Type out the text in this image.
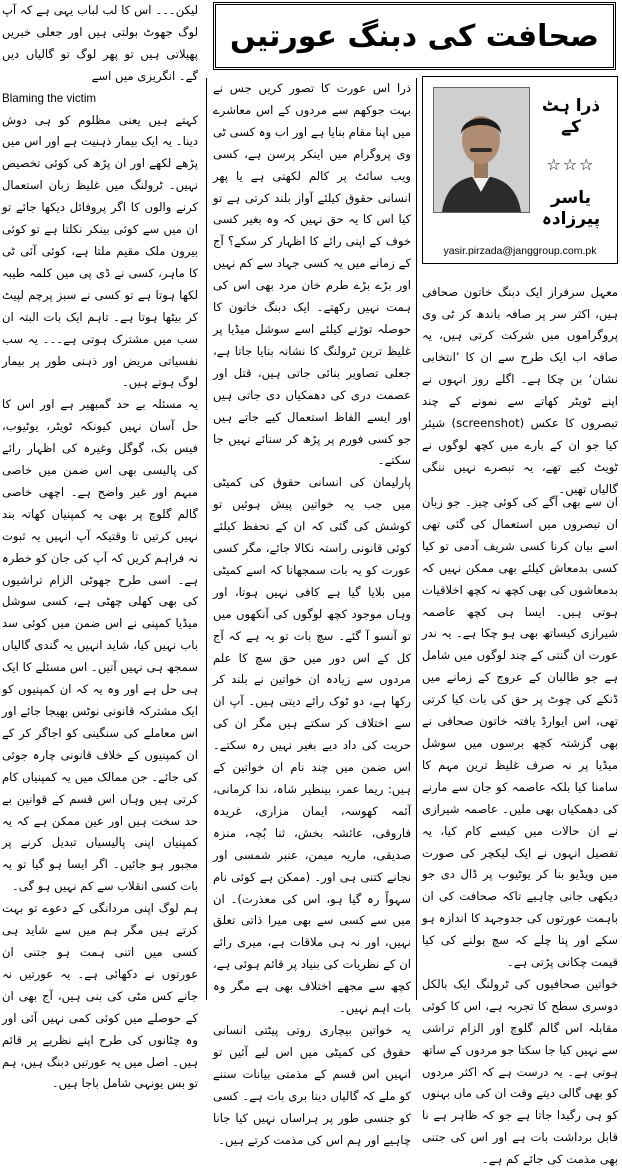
صحافت کی دبنگ عورتیں
ذرا ہٹ کے
☆☆☆
یاسر پیرزادہ
yasir.pirzada@janggroup.com.pk

معہل سرفراز ایک دبنگ خاتون صحافی ہیں، اکثر سر پر صافہ باندھ کر ٹی وی پروگراموں میں شرکت کرتی ہیں، یہ صافہ اب ایک طرح سے ان کا ’انتخابی نشان‘ بن چکا ہے۔ اگلے روز انہوں نے اپنے ٹویٹر کھاتے سے نمونے کے چند تبصروں کا عکس (screenshot) شیئر کیا جو ان کے بارے میں کچھ لوگوں نے ٹویٹ کیے تھے، یہ تبصرے نہیں ننگی گالیاں تھیں۔

ان سے بھی آگے کی کوئی چیز۔ جو زبان ان تبصروں میں استعمال کی گئی تھی اسے بیان کرنا کسی شریف آدمی تو کیا کسی بدمعاش کیلئے بھی ممکن نہیں کہ بدمعاشوں کی بھی کچھ نہ کچھ اخلاقیات ہوتی ہیں۔ ایسا ہی کچھ عاصمہ شیرازی کیساتھ بھی ہو چکا ہے۔ یہ ندر عورت ان گنتی کے چند لوگوں میں شامل ہے جو طالبان کے عروج کے زمانے میں ڈنکے کی چوٹ پر حق کی بات کیا کرتی تھی، اس ایوارڈ یافتہ خاتون صحافی نے بھی گزشتہ کچھ برسوں میں سوشل میڈیا پر نہ صرف غلیظ ترین مہم کا سامنا کیا بلکہ عاصمہ کو جان سے مارنے کی دھمکیاں بھی ملیں۔ عاصمہ شیرازی نے ان حالات میں کیسے کام کیا، یہ تفصیل انہوں نے ایک لیکچر کی صورت میں ویڈیو بنا کر یوٹیوب پر ڈال دی جو دیکھی جانی چاہیے تاکہ صحافت کی ان باہمت عورتوں کی جدوجہد کا اندازہ ہو سکے اور پتا چلے کہ سچ بولنے کی کیا قیمت چکانی پڑتی ہے۔

خواتین صحافیوں کی ٹرولنگ ایک بالکل دوسری سطح کا تجربہ ہے، اس کا کوئی مقابلہ اس گالم گلوچ اور الزام تراشی سے نہیں کیا جا سکتا جو مردوں کے ساتھ ہوتی ہے۔ یہ درست ہے کہ اکثر مردوں کو بھی گالی دیتے وقت ان کی ماں بہنوں کو ہی رگیدا جاتا ہے جو کہ ظاہر ہے نا قابل برداشت بات ہے اور اس کی جتنی بھی مذمت کی جائے کم ہے۔

ذرا اس عورت کا تصور کریں جس نے بہت جوکھم سے مردوں کے اس معاشرے میں اپنا مقام بنایا ہے اور اب وہ کسی ٹی وی پروگرام میں اینکر پرسن ہے، کسی ویب سائٹ پر کالم لکھتی ہے یا پھر انسانی حقوق کیلئے آواز بلند کرتی ہے تو کیا اس کا یہ حق نہیں کہ وہ بغیر کسی خوف کے اپنی رائے کا اظہار کر سکے؟ آج کے زمانے میں یہ کسی جہاد سے کم نہیں اور بڑے بڑے طرم خان مرد بھی اس کی ہمت نہیں رکھتے۔ ایک دبنگ خاتون کا حوصلہ توڑنے کیلئے اسے سوشل میڈیا پر غلیظ ترین ٹرولنگ کا نشانہ بنایا جاتا ہے، جعلی تصاویر بنائی جاتی ہیں، قتل اور عصمت دری کی دھمکیاں دی جاتی ہیں اور ایسے الفاظ استعمال کیے جاتے ہیں جو کسی فورم پر پڑھ کر سنائے نہیں جا سکتے۔

پارلیمان کی انسانی حقوق کی کمیٹی میں جب یہ خواتین پیش ہوئیں تو کوشش کی گئی کہ ان کے تحفظ کیلئے کوئی قانونی راستہ نکالا جائے، مگر کسی عورت کو یہ بات سمجھانا کہ اسے کمیٹی میں بلایا گیا ہے کافی نہیں ہوتا، اور وہاں موجود کچھ لوگوں کی آنکھوں میں تو آنسو آ گئے۔ سچ بات تو یہ ہے کہ آج کل کے اس دور میں حق سچ کا علم مردوں سے زیادہ ان خواتین نے بلند کر رکھا ہے، دو ٹوک رائے دیتی ہیں۔ آپ ان سے اختلاف کر سکتے ہیں مگر ان کی حریت کی داد دیے بغیر نہیں رہ سکتے۔ اس ضمن میں چند نام ان خواتین کے ہیں: ریما عمر، بینظیر شاہ، ندا کرمانی، آئمہ کھوسہ، ایمان مزاری، غریدہ فاروقی، عائشہ بخش، ثنا بُچہ، منزہ صدیقی، ماریہ میمن، عنبر شمسی اور نجانے کتنی ہی اور۔ (ممکن ہے کوئی نام سہواً رہ گیا ہو، اس کی معذرت)۔ ان میں سے کسی سے بھی میرا ذاتی تعلق نہیں، اور نہ ہی ملاقات ہے، میری رائے ان کے نظریات کی بنیاد پر قائم ہوئی ہے، کچھ سے مجھے اختلاف بھی ہے مگر وہ بات اہم نہیں۔

یہ خواتین بیچاری روتی پیٹتی انسانی حقوق کی کمیٹی میں اس لیے آئیں تو انہیں اس قسم کے مذمتی بیانات سننے کو ملے کہ گالیاں دینا بری بات ہے۔ کسی کو جنسی طور پر ہراساں نہیں کیا جانا چاہیے اور ہم اس کی مذمت کرتے ہیں۔

لیکن۔۔۔ اس کا لب لباب یہی ہے کہ آپ لوگ جھوٹ بولتی ہیں اور جعلی خبریں پھیلاتی ہیں تو پھر لوگ تو گالیاں دیں گے۔ انگریزی میں اسے

Blaming the victim

کہتے ہیں یعنی مظلوم کو ہی دوش دینا۔ یہ ایک بیمار ذہنیت ہے اور اس میں پڑھے لکھے اور ان پڑھ کی کوئی تخصیص نہیں۔ ٹرولنگ میں غلیظ زبان استعمال کرنے والوں کا اگر پروفائل دیکھا جائے تو ان میں سے کوئی بینکر نکلتا ہے تو کوئی بیرون ملک مقیم ملتا ہے، کوئی آئی ٹی کا ماہر، کسی نے ڈی پی میں کلمہ طیبہ لکھا ہوتا ہے تو کسی نے سبز پرچم لپیٹ کر بیٹھا ہوتا ہے۔ تاہم ایک بات البتہ ان سب میں مشترک ہوتی ہے۔۔۔ یہ سب نفسیاتی مریض اور ذہنی طور پر بیمار لوگ ہوتے ہیں۔

یہ مسئلہ بے حد گمبھیر ہے اور اس کا حل آسان نہیں کیونکہ ٹویٹر، یوٹیوب، فیس بک، گوگل وغیرہ کی اظہار رائے کی پالیسی بھی اس ضمن میں خاصی مبہم اور غیر واضح ہے۔ اچھی خاصی گالم گلوچ پر بھی یہ کمپنیاں کھاتہ بند نہیں کرتیں تا وقتیکہ آپ انہیں یہ ثبوت نہ فراہم کریں کہ آپ کی جان کو خطرہ ہے۔ اسی طرح جھوٹی الزام تراشیوں کی بھی کھلی چھٹی ہے، کسی سوشل میڈیا کمپنی نے اس ضمن میں کوئی سد باب نہیں کیا، شاید انہیں یہ گندی گالیاں سمجھ ہی نہیں آتیں۔ اس مسئلے کا ایک ہی حل ہے اور وہ یہ کہ ان کمپنیوں کو ایک مشترکہ قانونی نوٹس بھیجا جائے اور اس معاملے کی سنگینی کو اجاگر کر کے ان کمپنیوں کے خلاف قانونی چارہ جوئی کی جائے۔ جن ممالک میں یہ کمپنیاں کام کرتی ہیں وہاں اس قسم کے قوانین بے حد سخت ہیں اور عین ممکن ہے کہ یہ کمپنیاں اپنی پالیسیاں تبدیل کرنے پر مجبور ہو جائیں۔ اگر ایسا ہو گیا تو یہ بات کسی انقلاب سے کم نہیں ہو گی۔

ہم لوگ اپنی مردانگی کے دعوے تو بہت کرتے ہیں مگر ہم میں سے شاید ہی کسی میں اتنی ہمت ہو جتنی ان عورتوں نے دکھائی ہے۔ یہ عورتیں نہ جانے کس مٹی کی بنی ہیں، آج بھی ان کے حوصلے میں کوئی کمی نہیں آئی اور وہ چٹانوں کی طرح اپنے نظریے پر قائم ہیں۔ اصل میں یہ عورتیں دبنگ ہیں، ہم تو بس یونہی شامل باجا ہیں۔
